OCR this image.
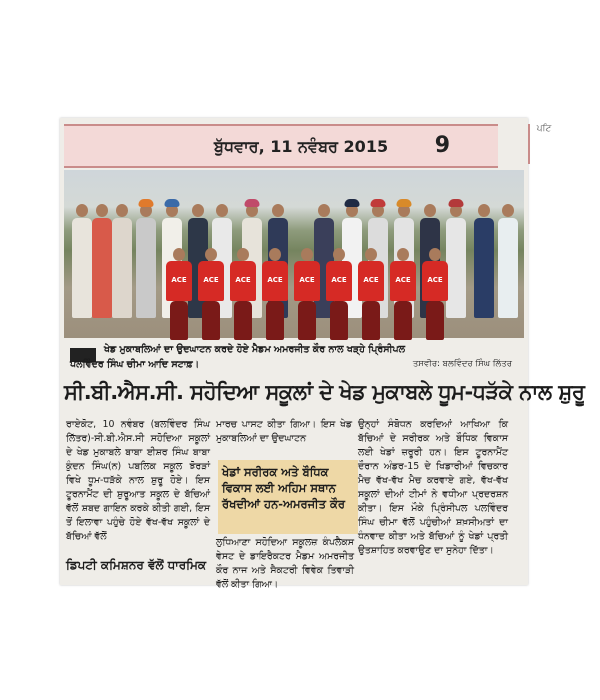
ਬੁੱਧਵਾਰ, 11 ਨਵੰਬਰ 2015 9
ਪਟਿ
ACE	ACE	ACE	ACE	ACE	ACE	ACE	ACE	ACE
ਖੇਡ ਮੁਕਾਬਲਿਆਂ ਦਾ ਉਦਘਾਟਨ ਕਰਦੇ ਹੋਏ ਮੈਡਮ ਅਮਰਜੀਤ ਕੌਰ ਨਾਲ ਖੜ੍ਹੇ ਪ੍ਰਿੰਸੀਪਲ
ਪਲਵਿੰਦਰ ਸਿੰਘ ਚੀਮਾ ਆਦਿ ਸਟਾਫ਼।	ਤਸਵੀਰ: ਬਲਵਿੰਦਰ ਸਿੰਘ ਲਿੱਤਰ
ਸੀ.ਬੀ.ਐਸ.ਸੀ. ਸਹੋਦਿਆ ਸਕੂਲਾਂ ਦੇ ਖੇਡ ਮੁਕਾਬਲੇ ਧੂਮ-ਧੜੱਕੇ ਨਾਲ ਸ਼ੁਰੂ
ਰਾਏਕੋਟ, 10 ਨਵੰਬਰ (ਬਲਵਿੰਦਰ ਸਿੰਘ ਲਿੱਤਰ)-ਸੀ.ਬੀ.ਐਸ.ਸੀ ਸਹੋਦਿਆ ਸਕੂਲਾਂ ਦੇ ਖੇਡ ਮੁਕਾਬਲੇ ਬਾਬਾ ਈਸ਼ਰ ਸਿੰਘ ਬਾਬਾ ਕੁੰਦਨ ਸਿੰਘ(ਨ) ਪਬਲਿਕ ਸਕੂਲ ਝੋਰੜਾਂ ਵਿਖੇ ਧੂਮ-ਧੜੱਕੇ ਨਾਲ ਸ਼ੁਰੂ ਹੋਏ। ਇਸ ਟੂਰਨਾਮੈਂਟ ਦੀ ਸ਼ੁਰੂਆਤ ਸਕੂਲ ਦੇ ਬੱਚਿਆਂ ਵੱਲੋਂ ਸ਼ਬਦ ਗਾਇਨ ਕਰਕੇ ਕੀਤੀ ਗਈ, ਇਸ ਤੋਂ ਇਲਾਵਾ ਪਹੁੰਚੇ ਹੋਏ ਵੱਖ-ਵੱਖ ਸਕੂਲਾਂ ਦੇ ਬੱਚਿਆਂ ਵੱਲੋਂ
ਮਾਰਚ ਪਾਸਟ ਕੀਤਾ ਗਿਆ। ਇਸ ਖੇਡ ਮੁਕਾਬਲਿਆਂ ਦਾ ਉਦਘਾਟਨ
ਖੇਡਾਂ ਸਰੀਰਕ ਅਤੇ ਬੌਧਿਕ ਵਿਕਾਸ ਲਈ ਅਹਿਮ ਸਥਾਨ ਰੱਖਦੀਆਂ ਹਨ-ਅਮਰਜੀਤ ਕੌਰ
ਲੁਧਿਆਣਾ ਸਹੋਦਿਆ ਸਕੂਲਜ਼ ਕੰਪਲੈਕਸ ਵੇਸਟ ਦੇ ਡਾਇਰੈਕਟਰ ਮੈਡਮ ਅਮਰਜੀਤ ਕੌਰ ਨਾਜ ਅਤੇ ਸੈਕਟਰੀ ਵਿਵੇਕ ਤਿਵਾੜੀ ਵੱਲੋਂ ਕੀਤਾ ਗਿਆ।
ਉਨ੍ਹਾਂ ਸੰਬੋਧਨ ਕਰਦਿਆਂ ਆਖਿਆ ਕਿ ਬੱਚਿਆਂ ਦੇ ਸਰੀਰਕ ਅਤੇ ਬੌਧਿਕ ਵਿਕਾਸ ਲਈ ਖੇਡਾਂ ਜ਼ਰੂਰੀ ਹਨ। ਇਸ ਟੂਰਨਾਮੈਂਟ ਦੌਰਾਨ ਅੰਡਰ-15 ਦੇ ਖਿਡਾਰੀਆਂ ਵਿਚਕਾਰ ਮੈਚ ਵੱਖ-ਵੱਖ ਮੈਚ ਕਰਵਾਏ ਗਏ, ਵੱਖ-ਵੱਖ ਸਕੂਲਾਂ ਦੀਆਂ ਟੀਮਾਂ ਨੇ ਵਧੀਆ ਪ੍ਰਦਰਸ਼ਨ ਕੀਤਾ। ਇਸ ਮੌਕੇ ਪ੍ਰਿੰਸੀਪਲ ਪਲਵਿੰਦਰ ਸਿੰਘ ਚੀਮਾ ਵੱਲੋਂ ਪਹੁੰਚੀਆਂ ਸ਼ਖ਼ਸੀਅਤਾਂ ਦਾ ਧੰਨਵਾਦ ਕੀਤਾ ਅਤੇ ਬੱਚਿਆਂ ਨੂੰ ਖੇਡਾਂ ਪ੍ਰਤੀ ਉਤਸ਼ਾਹਿਤ ਕਰਵਾਉਣ ਦਾ ਸੁਨੇਹਾ ਦਿੱਤਾ।
ਡਿਪਟੀ ਕਮਿਸ਼ਨਰ ਵੱਲੋਂ ਧਾਰਮਿਕ
